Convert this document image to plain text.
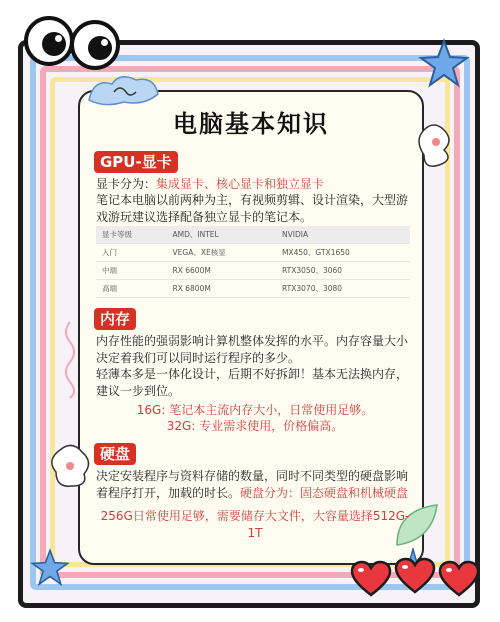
电脑基本知识
GPU-显卡
显卡分为：集成显卡、核心显卡和独立显卡
笔记本电脑以前两种为主，有视频剪辑、设计渲染，大型游戏游玩建议选择配备独立显卡的笔记本。
显卡等级	AMD、INTEL	NVIDIA
入门	VEGA、XE核显	MX450、GTX1650
中端	RX 6600M	RTX3050、3060
高端	RX 6800M	RTX3070、3080
内存
内存性能的强弱影响计算机整体发挥的水平。内存容量大小决定着我们可以同时运行程序的多少。
轻薄本多是一体化设计，后期不好拆卸！基本无法换内存，建议一步到位。
16G: 笔记本主流内存大小，日常使用足够。
32G: 专业需求使用，价格偏高。
硬盘
决定安装程序与资料存储的数量，同时不同类型的硬盘影响着程序打开，加载的时长。硬盘分为：固态硬盘和机械硬盘
256G日常使用足够，需要储存大文件，大容量选择512G-1T
